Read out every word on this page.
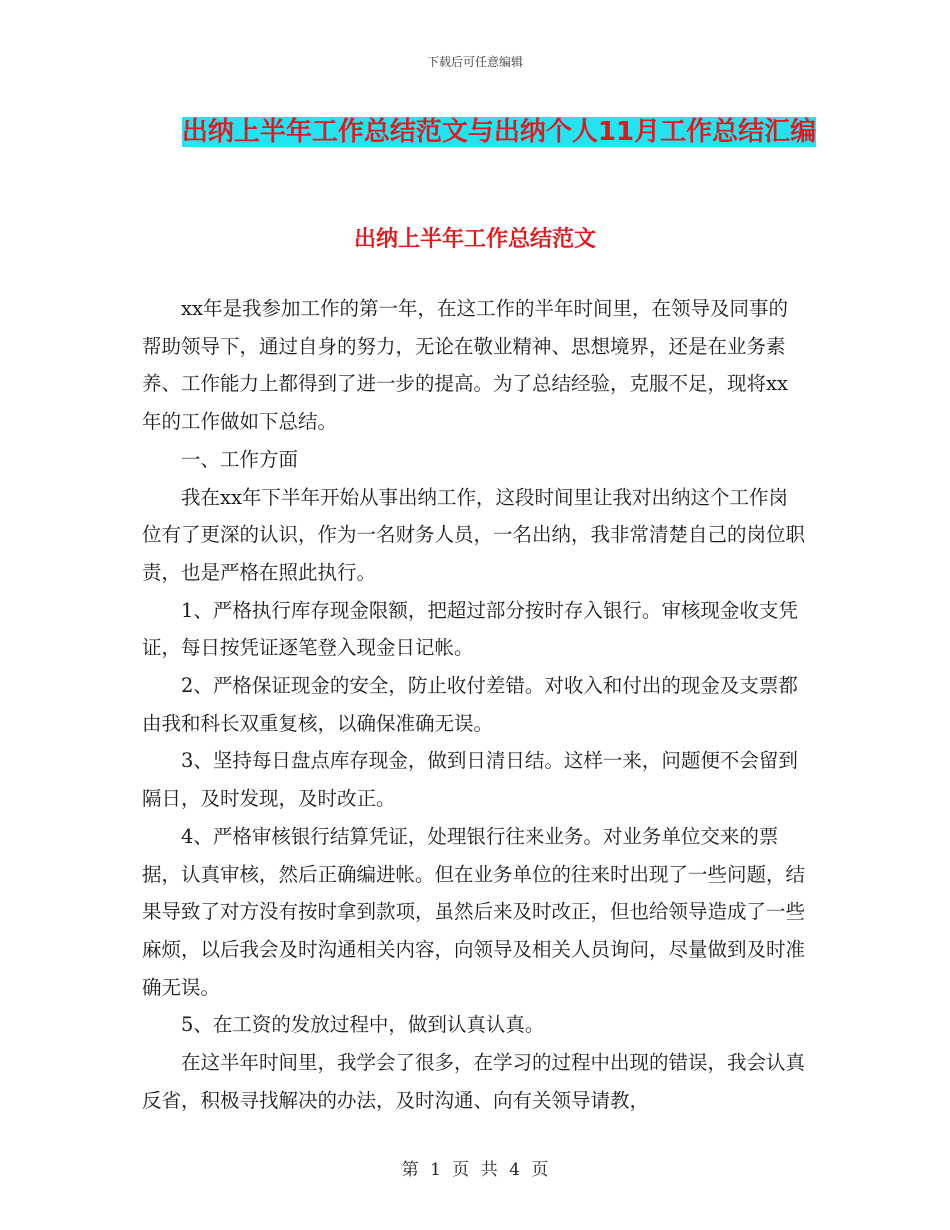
下载后可任意编辑
出纳上半年工作总结范文与出纳个人11月工作总结汇编
出纳上半年工作总结范文

xx年是我参加工作的第一年，在这工作的半年时间里，在领导及同事的帮助领导下，通过自身的努力，无论在敬业精神、思想境界，还是在业务素养、工作能力上都得到了进一步的提高。为了总结经验，克服不足，现将xx年的工作做如下总结。

一、工作方面

我在xx年下半年开始从事出纳工作，这段时间里让我对出纳这个工作岗位有了更深的认识，作为一名财务人员，一名出纳，我非常清楚自己的岗位职责，也是严格在照此执行。

1、严格执行库存现金限额，把超过部分按时存入银行。审核现金收支凭证，每日按凭证逐笔登入现金日记帐。

2、严格保证现金的安全，防止收付差错。对收入和付出的现金及支票都由我和科长双重复核，以确保准确无误。

3、坚持每日盘点库存现金，做到日清日结。这样一来，问题便不会留到隔日，及时发现，及时改正。

4、严格审核银行结算凭证，处理银行往来业务。对业务单位交来的票据，认真审核，然后正确编进帐。但在业务单位的往来时出现了一些问题，结果导致了对方没有按时拿到款项，虽然后来及时改正，但也给领导造成了一些麻烦，以后我会及时沟通相关内容，向领导及相关人员询问，尽量做到及时准确无误。

5、在工资的发放过程中，做到认真认真。

在这半年时间里，我学会了很多，在学习的过程中出现的错误，我会认真反省，积极寻找解决的办法，及时沟通、向有关领导请教，

第 1 页 共 4 页
